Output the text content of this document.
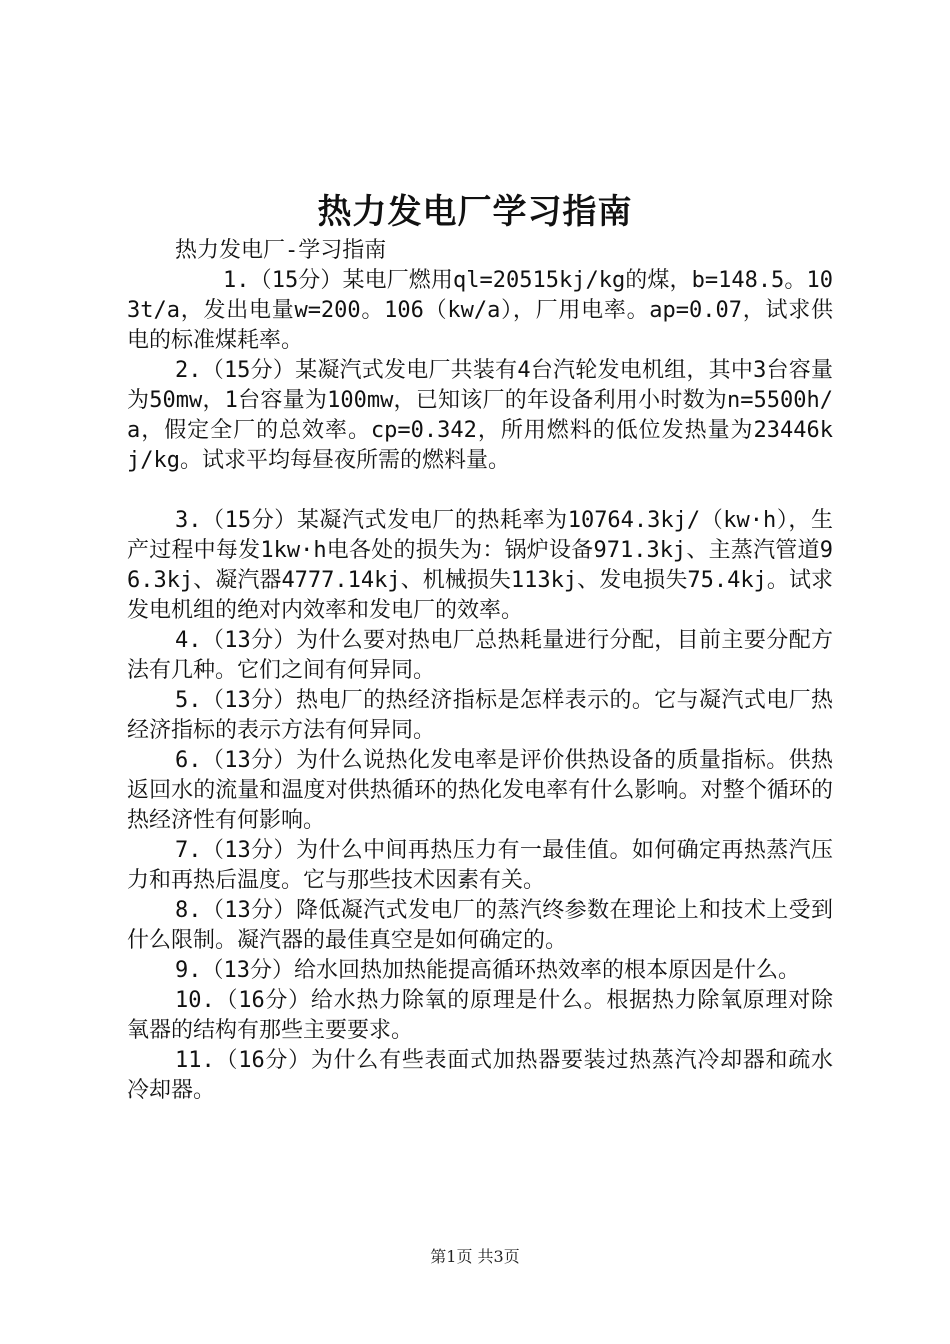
热力发电厂学习指南

热力发电厂-学习指南

1.（15分）某电厂燃用ql=20515kj/kg的煤，b=148.5。103t/a，发出电量w=200。106（kw/a），厂用电率。ap=0.07，试求供电的标准煤耗率。

2.（15分）某凝汽式发电厂共装有4台汽轮发电机组，其中3台容量为50mw，1台容量为100mw，已知该厂的年设备利用小时数为n=5500h/a，假定全厂的总效率。cp=0.342，所用燃料的低位发热量为23446kj/kg。试求平均每昼夜所需的燃料量。

3.（15分）某凝汽式发电厂的热耗率为10764.3kj/（kw·h），生产过程中每发1kw·h电各处的损失为：锅炉设备971.3kj、主蒸汽管道96.3kj、凝汽器4777.14kj、机械损失113kj、发电损失75.4kj。试求发电机组的绝对内效率和发电厂的效率。

4.（13分）为什么要对热电厂总热耗量进行分配，目前主要分配方法有几种。它们之间有何异同。

5.（13分）热电厂的热经济指标是怎样表示的。它与凝汽式电厂热经济指标的表示方法有何异同。

6.（13分）为什么说热化发电率是评价供热设备的质量指标。供热返回水的流量和温度对供热循环的热化发电率有什么影响。对整个循环的热经济性有何影响。

7.（13分）为什么中间再热压力有一最佳值。如何确定再热蒸汽压力和再热后温度。它与那些技术因素有关。

8.（13分）降低凝汽式发电厂的蒸汽终参数在理论上和技术上受到什么限制。凝汽器的最佳真空是如何确定的。

9.（13分）给水回热加热能提高循环热效率的根本原因是什么。

10.（16分）给水热力除氧的原理是什么。根据热力除氧原理对除氧器的结构有那些主要要求。

11.（16分）为什么有些表面式加热器要装过热蒸汽冷却器和疏水冷却器。

第1页 共3页
